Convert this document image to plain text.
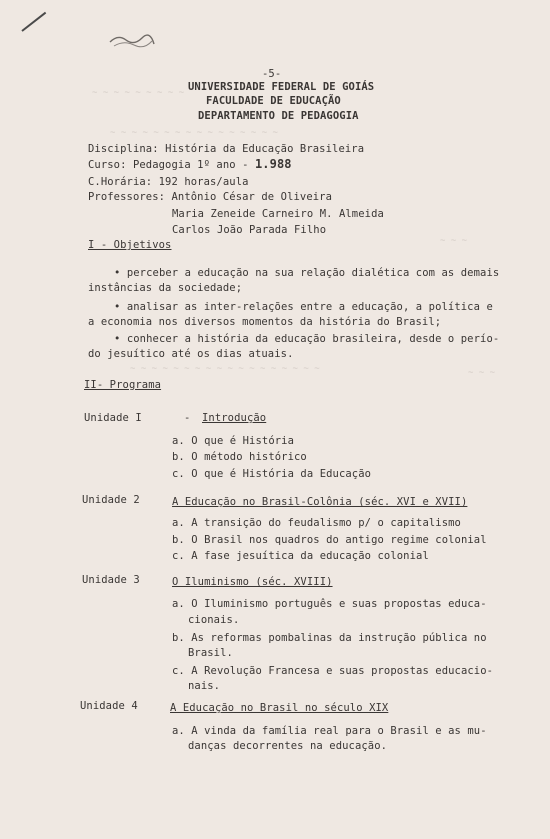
~ ~ ~ ~ ~ ~ ~ ~ ~
~ ~ ~ ~ ~ ~ ~ ~ ~ ~ ~ ~ ~ ~ ~ ~
~ ~ ~ ~ ~ ~ ~ ~ ~ ~ ~ ~ ~ ~ ~ ~ ~ ~
~ ~ ~
~ ~ ~
-5-
UNIVERSIDADE FEDERAL DE GOIÁS
FACULDADE DE EDUCAÇÃO
DEPARTAMENTO DE PEDAGOGIA
Disciplina: História da Educação Brasileira
Curso: Pedagogia 1º ano - 1.988
C.Horária: 192 horas/aula
Professores: Antônio César de Oliveira
Maria Zeneide Carneiro M. Almeida
Carlos João Parada Filho
I - Objetivos
• perceber a educação na sua relação dialética com as demais
instâncias da sociedade;
• analisar as inter-relações entre a educação, a política e
a economia nos diversos momentos da história do Brasil;
• conhecer a história da educação brasileira, desde o perío-
do jesuítico até os dias atuais.
II- Programa
Unidade I	- Introdução
a. O que é História
b. O método histórico
c. O que é História da Educação
Unidade 2	A Educação no Brasil-Colônia (séc. XVI e XVII)
a. A transição do feudalismo p/ o capitalismo
b. O Brasil nos quadros do antigo regime colonial
c. A fase jesuítica da educação colonial
Unidade 3	O Iluminismo (séc. XVIII)
a. O Iluminismo português e suas propostas educa-
cionais.
b. As reformas pombalinas da instrução pública no
Brasil.
c. A Revolução Francesa e suas propostas educacio-
nais.
Unidade 4	A Educação no Brasil no século XIX
a. A vinda da família real para o Brasil e as mu-
danças decorrentes na educação.
